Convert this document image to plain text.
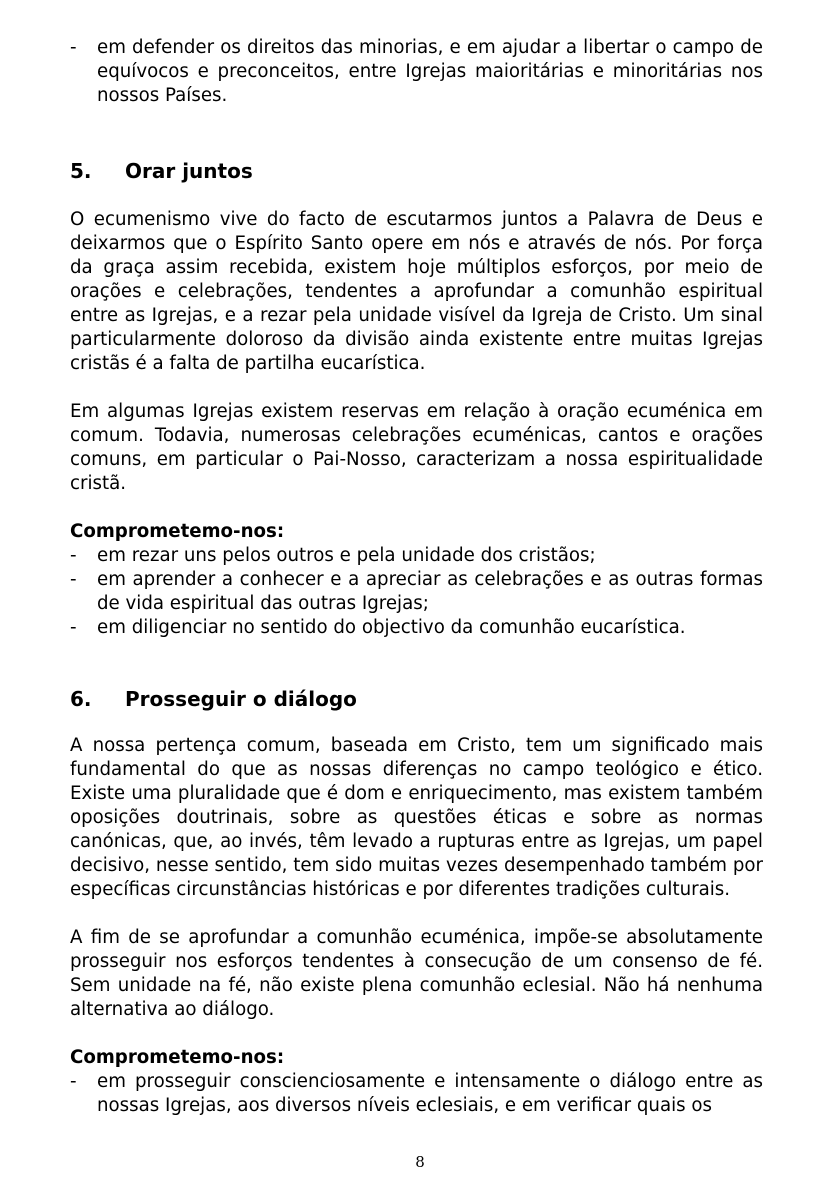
- em defender os direitos das minorias, e em ajudar a libertar o campo de equívocos e preconceitos, entre Igrejas maioritárias e minoritárias nos nossos Países.
5. Orar juntos

O ecumenismo vive do facto de escutarmos juntos a Palavra de Deus e deixarmos que o Espírito Santo opere em nós e através de nós. Por força da graça assim recebida, existem hoje múltiplos esforços, por meio de orações e celebrações, tendentes a aprofundar a comunhão espiritual entre as Igrejas, e a rezar pela unidade visível da Igreja de Cristo. Um sinal particularmente doloroso da divisão ainda existente entre muitas Igrejas cristãs é a falta de partilha eucarística.

Em algumas Igrejas existem reservas em relação à oração ecuménica em comum. Todavia, numerosas celebrações ecuménicas, cantos e orações comuns, em particular o Pai-Nosso, caracterizam a nossa espiritualidade cristã.

Comprometemo-nos:

- em rezar uns pelos outros e pela unidade dos cristãos;
- em aprender a conhecer e a apreciar as celebrações e as outras formas de vida espiritual das outras Igrejas;
- em diligenciar no sentido do objectivo da comunhão eucarística.
6. Prosseguir o diálogo

A nossa pertença comum, baseada em Cristo, tem um significado mais fundamental do que as nossas diferenças no campo teológico e ético. Existe uma pluralidade que é dom e enriquecimento, mas existem também oposições doutrinais, sobre as questões éticas e sobre as normas canónicas, que, ao invés, têm levado a rupturas entre as Igrejas, um papel decisivo, nesse sentido, tem sido muitas vezes desempenhado também por específicas circunstâncias históricas e por diferentes tradições culturais.

A fim de se aprofundar a comunhão ecuménica, impõe-se absolutamente prosseguir nos esforços tendentes à consecução de um consenso de fé. Sem unidade na fé, não existe plena comunhão eclesial. Não há nenhuma alternativa ao diálogo.

Comprometemo-nos:

- em prosseguir conscienciosamente e intensamente o diálogo entre as nossas Igrejas, aos diversos níveis eclesiais, e em verificar quais os
8
